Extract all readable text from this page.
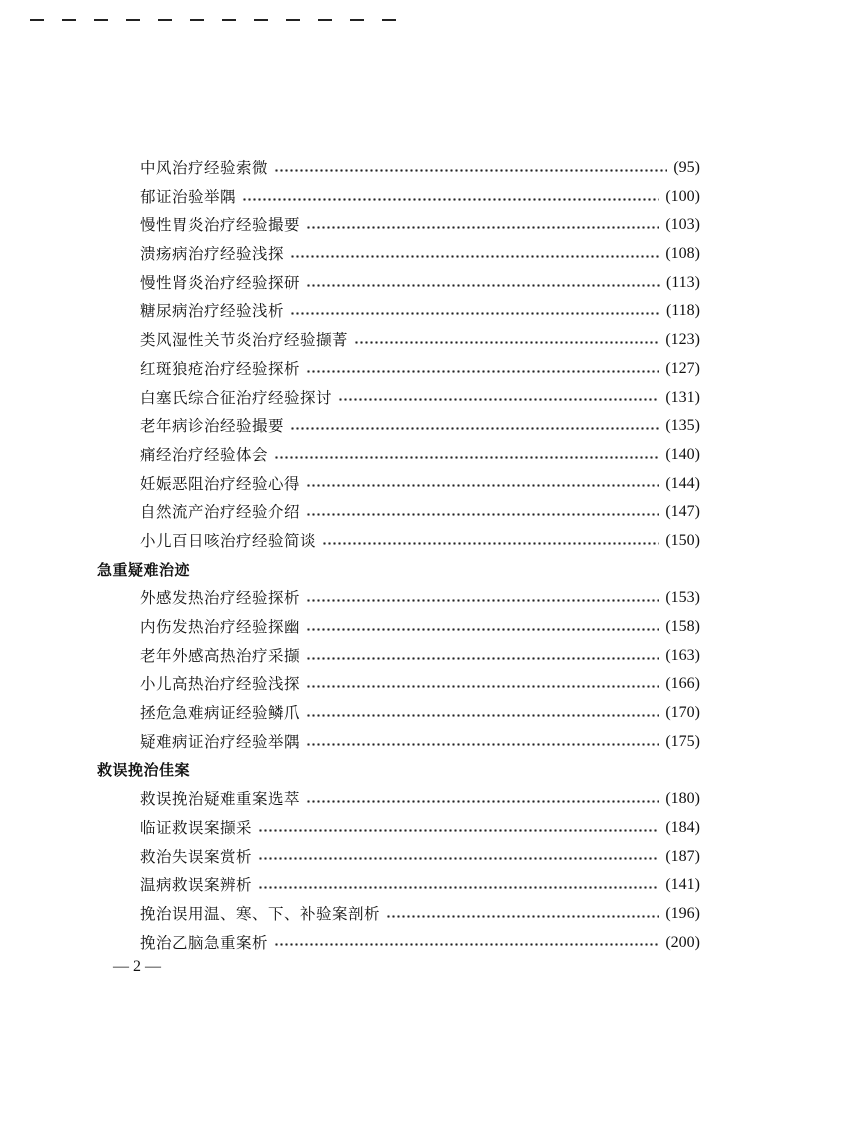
中风治疗经验索微	(95)
郁证治验举隅	(100)
慢性胃炎治疗经验撮要	(103)
溃疡病治疗经验浅探	(108)
慢性肾炎治疗经验探研	(113)
糖尿病治疗经验浅析	(118)
类风湿性关节炎治疗经验撷菁	(123)
红斑狼疮治疗经验探析	(127)
白塞氏综合征治疗经验探讨	(131)
老年病诊治经验撮要	(135)
痛经治疗经验体会	(140)
妊娠恶阻治疗经验心得	(144)
自然流产治疗经验介绍	(147)
小儿百日咳治疗经验简谈	(150)
急重疑难治迹
外感发热治疗经验探析	(153)
内伤发热治疗经验探幽	(158)
老年外感高热治疗采撷	(163)
小儿高热治疗经验浅探	(166)
拯危急难病证经验鳞爪	(170)
疑难病证治疗经验举隅	(175)
救误挽治佳案
救误挽治疑难重案选萃	(180)
临证救误案撷采	(184)
救治失误案赏析	(187)
温病救误案辨析	(141)
挽治误用温、寒、下、补验案剖析	(196)
挽治乙脑急重案析	(200)
— 2 —
